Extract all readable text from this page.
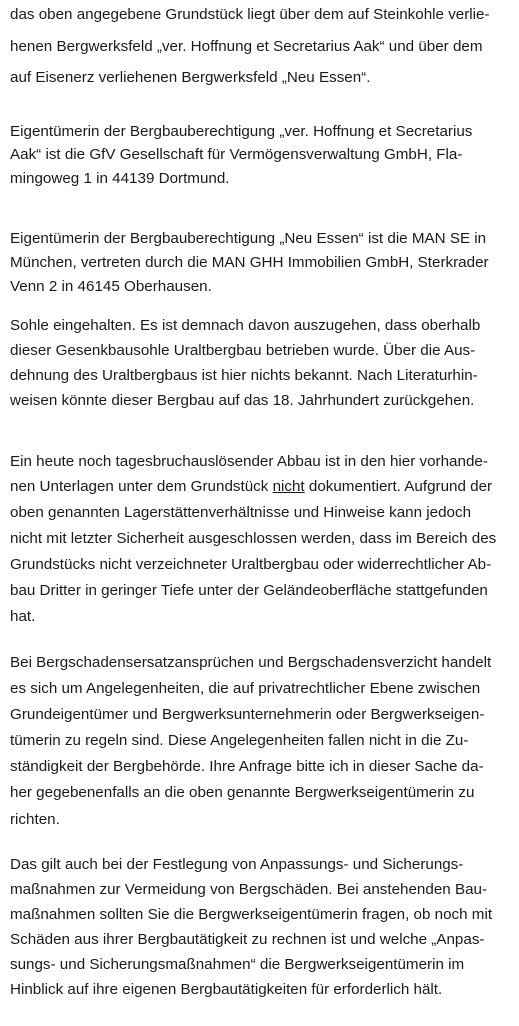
das oben angegebene Grundstück liegt über dem auf Steinkohle verlie-
henen Bergwerksfeld „ver. Hoffnung et Secretarius Aak“ und über dem
auf Eisenerz verliehenen Bergwerksfeld „Neu Essen“.
Eigentümerin der Bergbauberechtigung „ver. Hoffnung et Secretarius
Aak“ ist die GfV Gesellschaft für Vermögensverwaltung GmbH, Fla-
mingoweg 1 in 44139 Dortmund.
Eigentümerin der Bergbauberechtigung „Neu Essen“ ist die MAN SE in
München, vertreten durch die MAN GHH Immobilien GmbH, Sterkrader
Venn 2 in 46145 Oberhausen.
Sohle eingehalten. Es ist demnach davon auszugehen, dass oberhalb
dieser Gesenkbausohle Uraltbergbau betrieben wurde. Über die Aus-
dehnung des Uraltbergbaus ist hier nichts bekannt. Nach Literaturhin-
weisen könnte dieser Bergbau auf das 18. Jahrhundert zurückgehen.
Ein heute noch tagesbruchauslösender Abbau ist in den hier vorhande-
nen Unterlagen unter dem Grundstück nicht dokumentiert. Aufgrund der
oben genannten Lagerstättenverhältnisse und Hinweise kann jedoch
nicht mit letzter Sicherheit ausgeschlossen werden, dass im Bereich des
Grundstücks nicht verzeichneter Uraltbergbau oder widerrechtlicher Ab-
bau Dritter in geringer Tiefe unter der Geländeoberfläche stattgefunden
hat.
Bei Bergschadensersatzansprüchen und Bergschadensverzicht handelt
es sich um Angelegenheiten, die auf privatrechtlicher Ebene zwischen
Grundeigentümer und Bergwerksunternehmerin oder Bergwerkseigen-
tümerin zu regeln sind. Diese Angelegenheiten fallen nicht in die Zu-
ständigkeit der Bergbehörde. Ihre Anfrage bitte ich in dieser Sache da-
her gegebenenfalls an die oben genannte Bergwerkseigentümerin zu
richten.
Das gilt auch bei der Festlegung von Anpassungs- und Sicherungs-
maßnahmen zur Vermeidung von Bergschäden. Bei anstehenden Bau-
maßnahmen sollten Sie die Bergwerkseigentümerin fragen, ob noch mit
Schäden aus ihrer Bergbautätigkeit zu rechnen ist und welche „Anpas-
sungs- und Sicherungsmaßnahmen“ die Bergwerkseigentümerin im
Hinblick auf ihre eigenen Bergbautätigkeiten für erforderlich hält.
